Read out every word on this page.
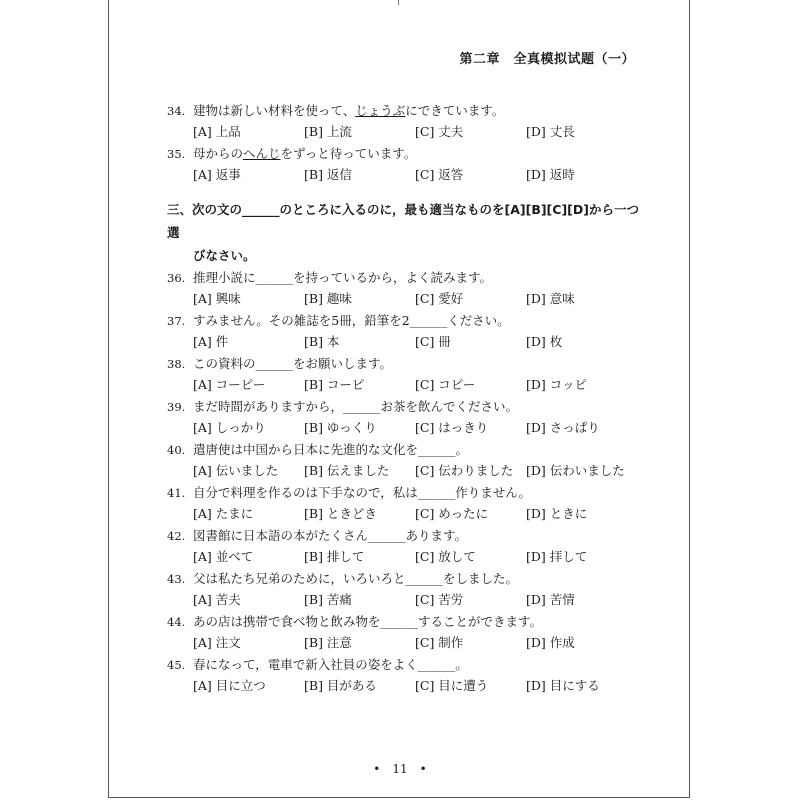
第二章　全真模拟试题（一）
34. 建物は新しい材料を使って、じょうぶにできています。
[A] 上品	[B] 上流	[C] 丈夫	[D] 丈長
35. 母からのへんじをずっと待っています。
[A] 返事	[B] 返信	[C] 返答	[D] 返時
三、次の文の______のところに入るのに，最も適当なものを[A][B][C][D]から一つ選
びなさい。
36. 推理小説に______を持っているから，よく読みます。
[A] 興味	[B] 趣味	[C] 愛好	[D] 意味
37. すみません。その雑誌を5冊，鉛筆を2______ください。
[A] 件	[B] 本	[C] 冊	[D] 枚
38. この資料の______をお願いします。
[A] コーピー	[B] コーピ	[C] コピー	[D] コッピ
39. まだ時間がありますから，______お茶を飲んでください。
[A] しっかり	[B] ゆっくり	[C] はっきり	[D] さっぱり
40. 遣唐使は中国から日本に先進的な文化を______。
[A] 伝いました	[B] 伝えました	[C] 伝わりました	[D] 伝わいました
41. 自分で料理を作るのは下手なので，私は______作りません。
[A] たまに	[B] ときどき	[C] めったに	[D] ときに
42. 図書館に日本語の本がたくさん______あります。
[A] 並べて	[B] 排して	[C] 放して	[D] 拝して
43. 父は私たち兄弟のために，いろいろと______をしました。
[A] 苦夫	[B] 苦痛	[C] 苦労	[D] 苦情
44. あの店は携帯で食べ物と飲み物を______することができます。
[A] 注文	[B] 注意	[C] 制作	[D] 作成
45. 春になって，電車で新入社員の姿をよく______。
[A] 目に立つ	[B] 目がある	[C] 目に遭う	[D] 目にする
• 11 •
